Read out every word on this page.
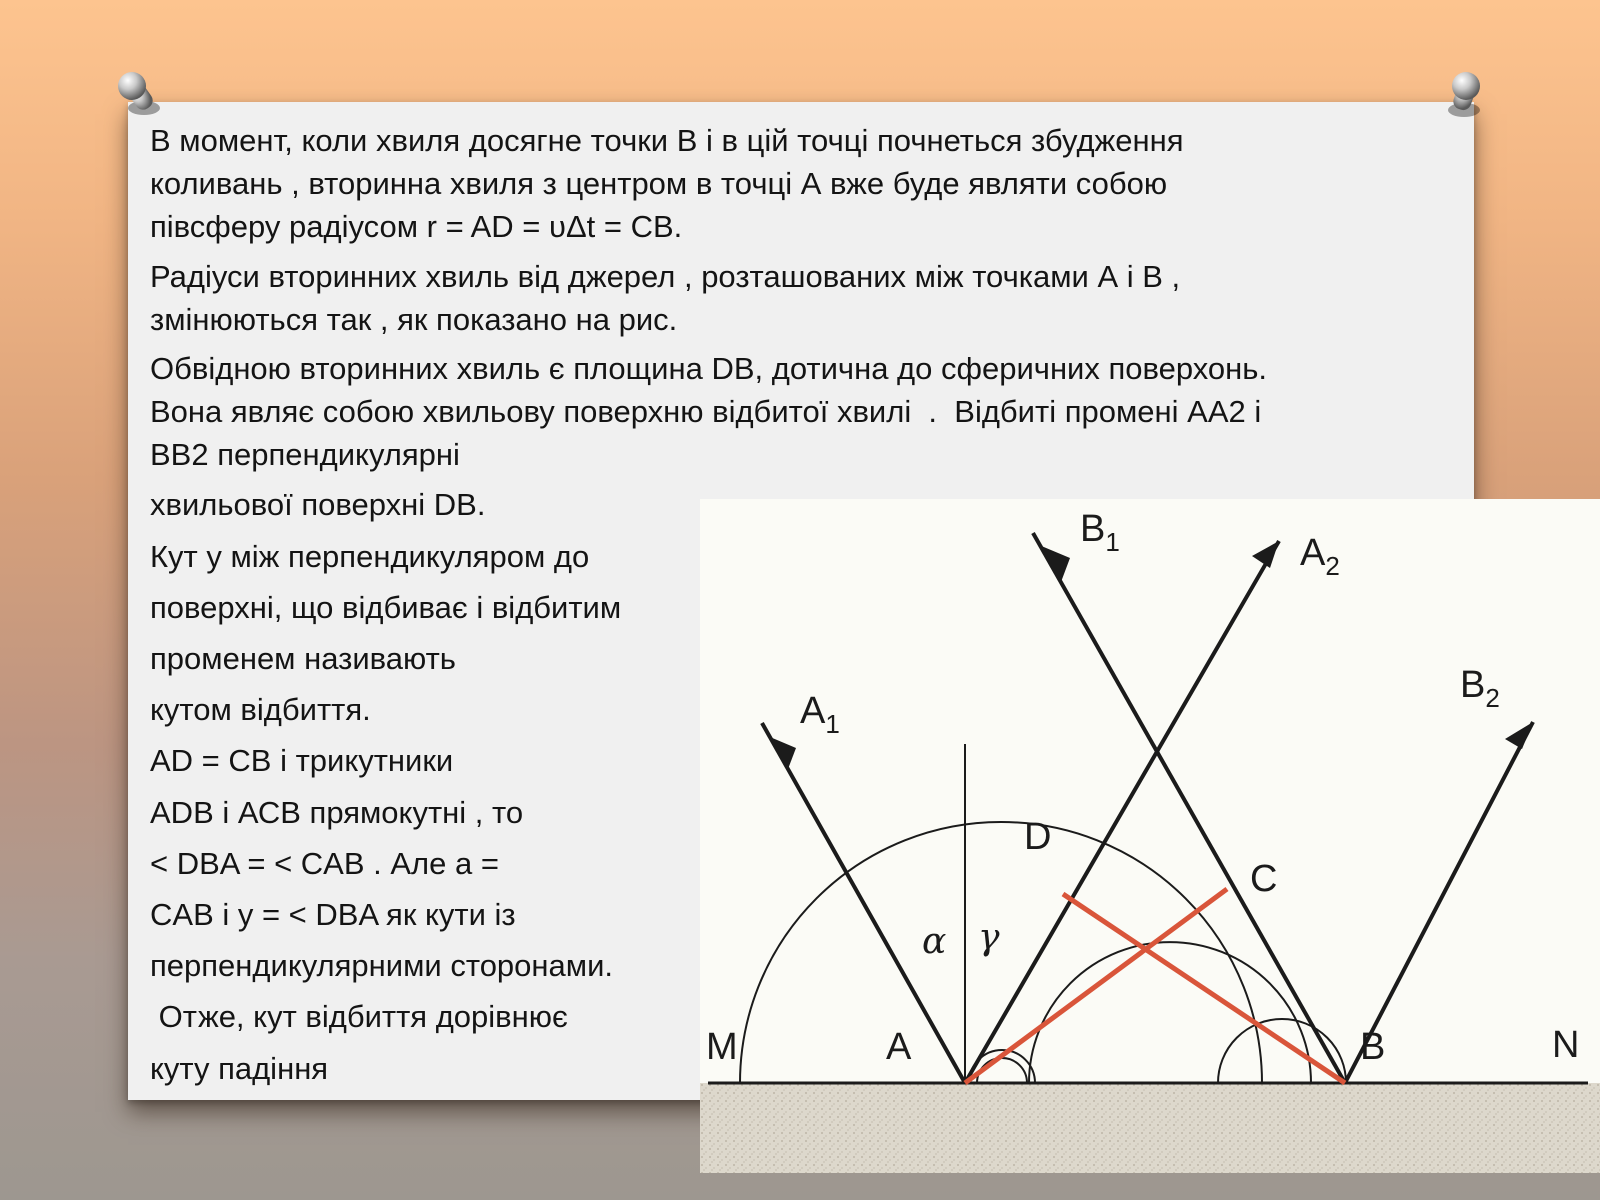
В момент, коли хвиля досягне точки B і в цій точці почнеться збудження
коливань , вторинна хвиля з центром в точці А вже буде являти собою
півсферу радіусом r = AD = υΔt = CB.

Радіуси вторинних хвиль від джерел , розташованих між точками А і В ,
змінюються так , як показано на рис.

Обвідною вторинних хвиль є площина DB, дотична до сферичних поверхонь.
Вона являє собою хвильову поверхню відбитої хвилі  .  Відбиті промені АА2 і
BB2 перпендикулярні

хвильової поверхні DB.

Кут у між перпендикуляром до

поверхні, що відбиває і відбитим

променем називають

кутом відбиття.

AD = CB і трикутники

ADB і АСВ прямокутні , то

< DBA = < CAB . Але a =

CAB і y = < DBA як кути із

перпендикулярними сторонами.

Отже, кут відбиття дорівнює

куту падіння

$B_1$	$A_2$
$B_2$
$A_1$
D
C
M	A	B	N
α γ
